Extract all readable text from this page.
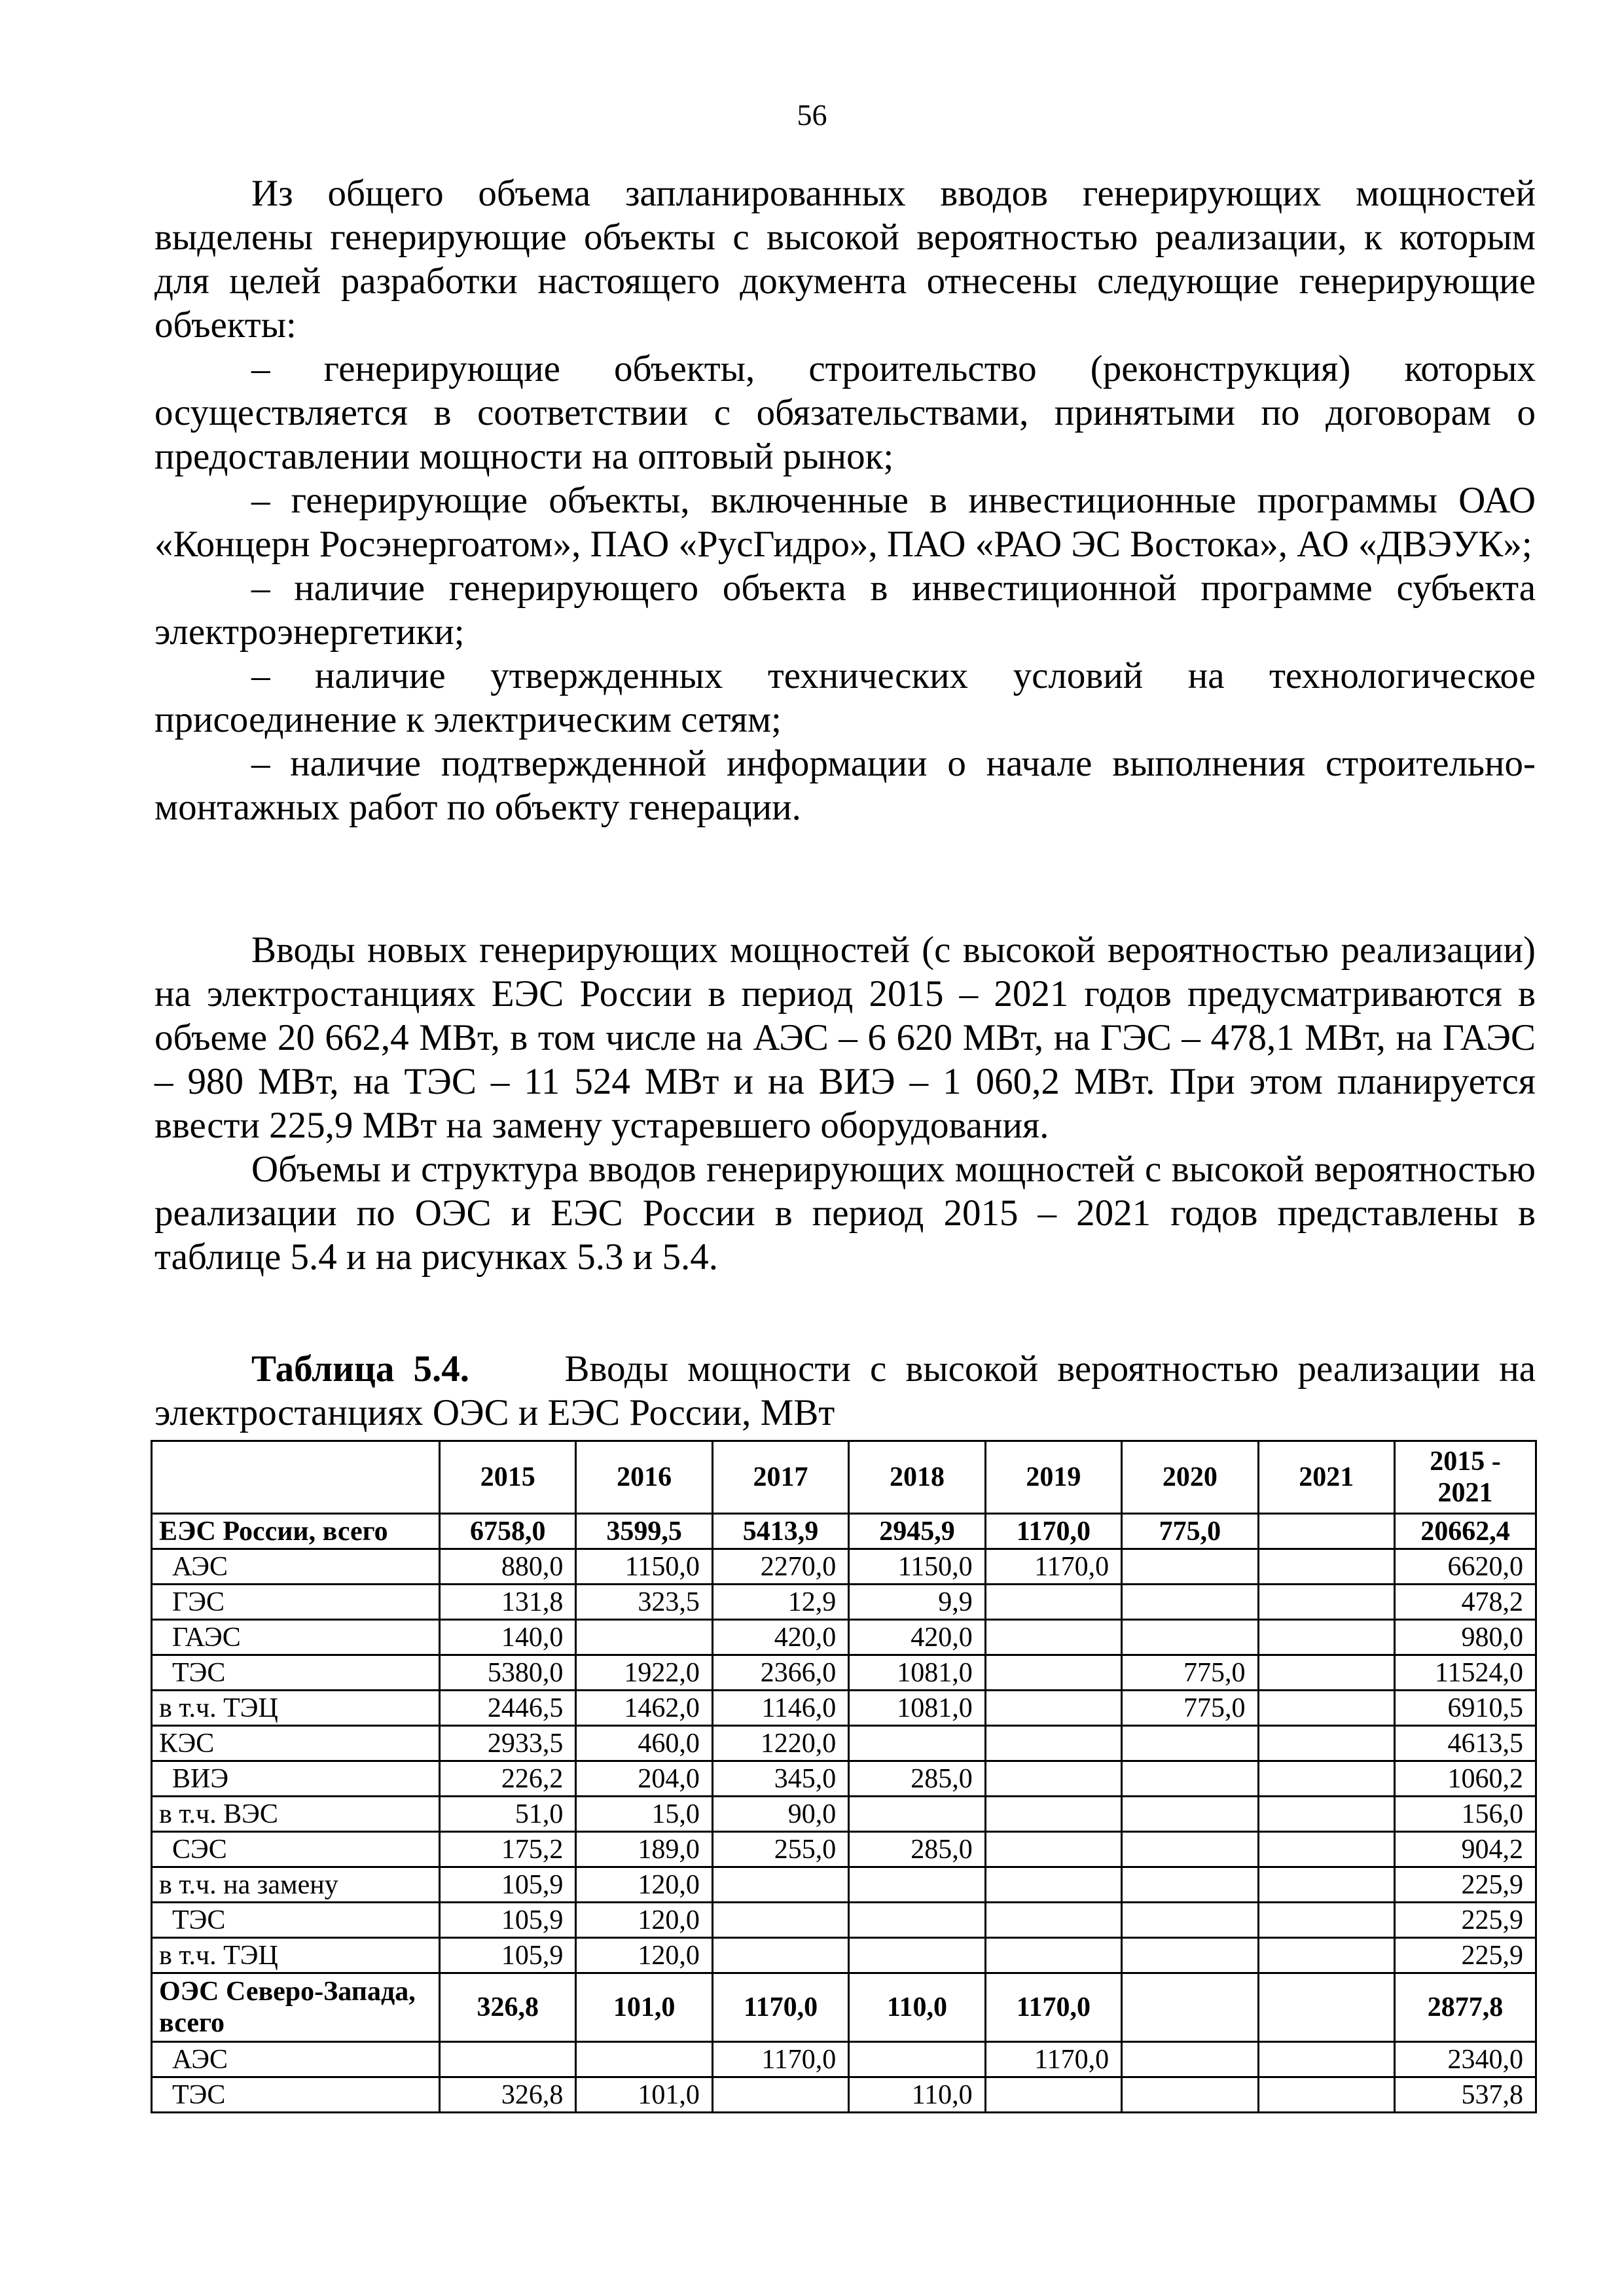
56

Из общего объема запланированных вводов генерирующих мощностей выделены генерирующие объекты с высокой вероятностью реализации, к которым для целей разработки настоящего документа отнесены следующие генерирующие объекты:

– генерирующие объекты, строительство (реконструкция) которых осуществляется в соответствии с обязательствами, принятыми по договорам о предоставлении мощности на оптовый рынок;

– генерирующие объекты, включенные в инвестиционные программы ОАО «Концерн Росэнергоатом», ПАО «РусГидро», ПАО «РАО ЭС Востока», АО «ДВЭУК»;

– наличие генерирующего объекта в инвестиционной программе субъекта электроэнергетики;

– наличие утвержденных технических условий на технологическое присоединение к электрическим сетям;

– наличие подтвержденной информации о начале выполнения строительно-монтажных работ по объекту генерации.

Вводы новых генерирующих мощностей (с высокой вероятностью реализации) на электростанциях ЕЭС России в период 2015 – 2021 годов предусматриваются в объеме 20 662,4 МВт, в том числе на АЭС – 6 620 МВт, на ГЭС – 478,1 МВт, на ГАЭС – 980 МВт, на ТЭС – 11 524 МВт и на ВИЭ – 1 060,2 МВт. При этом планируется ввести 225,9 МВт на замену устаревшего оборудования.

Объемы и структура вводов генерирующих мощностей с высокой вероятностью реализации по ОЭС и ЕЭС России в период 2015 – 2021 годов представлены в таблице 5.4 и на рисунках 5.3 и 5.4.

Таблица 5.4.	Вводы мощности с высокой вероятностью реализации на электростанциях ОЭС и ЕЭС России, МВт
	2015	2016	2017	2018	2019	2020	2021	2015 - 2021
ЕЭС России, всего	6758,0	3599,5	5413,9	2945,9	1170,0	775,0		20662,4
АЭС	880,0	1150,0	2270,0	1150,0	1170,0			6620,0
ГЭС	131,8	323,5	12,9	9,9				478,2
ГАЭС	140,0		420,0	420,0				980,0
ТЭС	5380,0	1922,0	2366,0	1081,0		775,0		11524,0
в т.ч. ТЭЦ	2446,5	1462,0	1146,0	1081,0		775,0		6910,5
КЭС	2933,5	460,0	1220,0					4613,5
ВИЭ	226,2	204,0	345,0	285,0				1060,2
в т.ч. ВЭС	51,0	15,0	90,0					156,0
СЭС	175,2	189,0	255,0	285,0				904,2
в т.ч. на замену	105,9	120,0						225,9
ТЭС	105,9	120,0						225,9
в т.ч. ТЭЦ	105,9	120,0						225,9
ОЭС Северо-Запада, всего	326,8	101,0	1170,0	110,0	1170,0			2877,8
АЭС			1170,0		1170,0			2340,0
ТЭС	326,8	101,0		110,0				537,8
